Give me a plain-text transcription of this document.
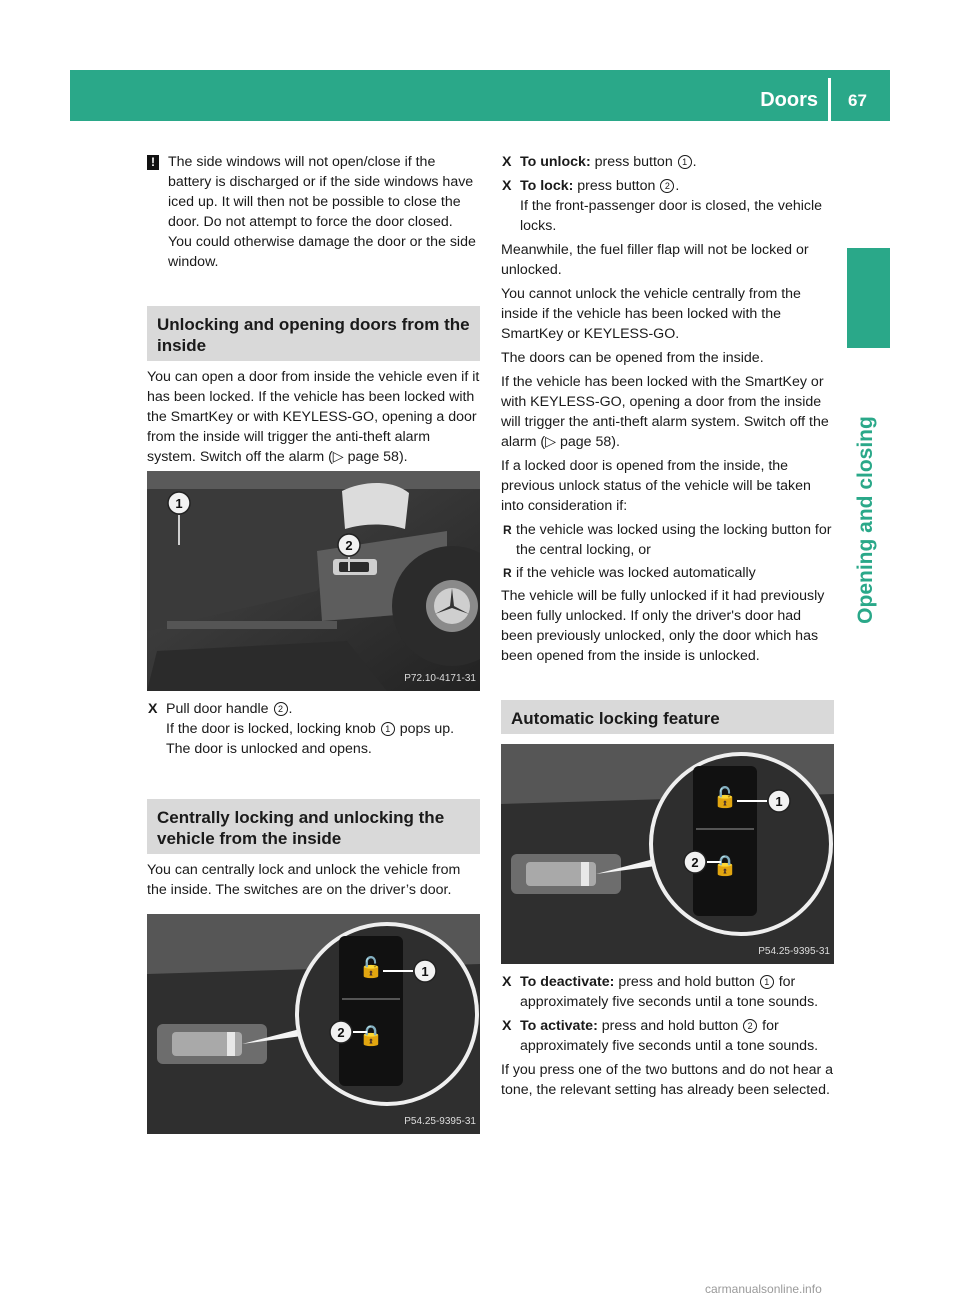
Doors 67
Opening and closing

! The side windows will not open/close if the battery is discharged or if the side windows have iced up. It will then not be possible to close the door. Do not attempt to force the door closed. You could otherwise damage the door or the side window.

Unlocking and opening doors from the inside

You can open a door from inside the vehicle even if it has been locked. If the vehicle has been locked with the SmartKey or with KEYLESS-GO, opening a door from the inside will trigger the anti-theft alarm system. Switch off the alarm (▷ page 58).

1
2
P72.10-4171-31

X Pull door handle 2 .
If the door is locked, locking knob 1 pops up. The door is unlocked and opens.

Centrally locking and unlocking the vehicle from the inside

You can centrally lock and unlock the vehicle from the inside. The switches are on the driver’s door.

🔓
🔒
1
2
P54.25-9395-31

X To unlock: press button 1 .

X To lock: press button 2 .
If the front-passenger door is closed, the vehicle locks.

Meanwhile, the fuel filler flap will not be locked or unlocked.

You cannot unlock the vehicle centrally from the inside if the vehicle has been locked with the SmartKey or KEYLESS-GO.

The doors can be opened from the inside.

If the vehicle has been locked with the SmartKey or with KEYLESS-GO, opening a door from the inside will trigger the anti-theft alarm system. Switch off the alarm (▷ page 58).

If a locked door is opened from the inside, the previous unlock status of the vehicle will be taken into consideration if:

R the vehicle was locked using the locking button for the central locking, or

R if the vehicle was locked automatically

The vehicle will be fully unlocked if it had previously been fully unlocked. If only the driver's door had been previously unlocked, only the door which has been opened from the inside is unlocked.

Automatic locking feature
🔓
🔒
1
2
P54.25-9395-31

X To deactivate: press and hold button 1 for approximately five seconds until a tone sounds.

X To activate: press and hold button 2 for approximately five seconds until a tone sounds.

If you press one of the two buttons and do not hear a tone, the relevant setting has already been selected.

carmanualsonline.info
